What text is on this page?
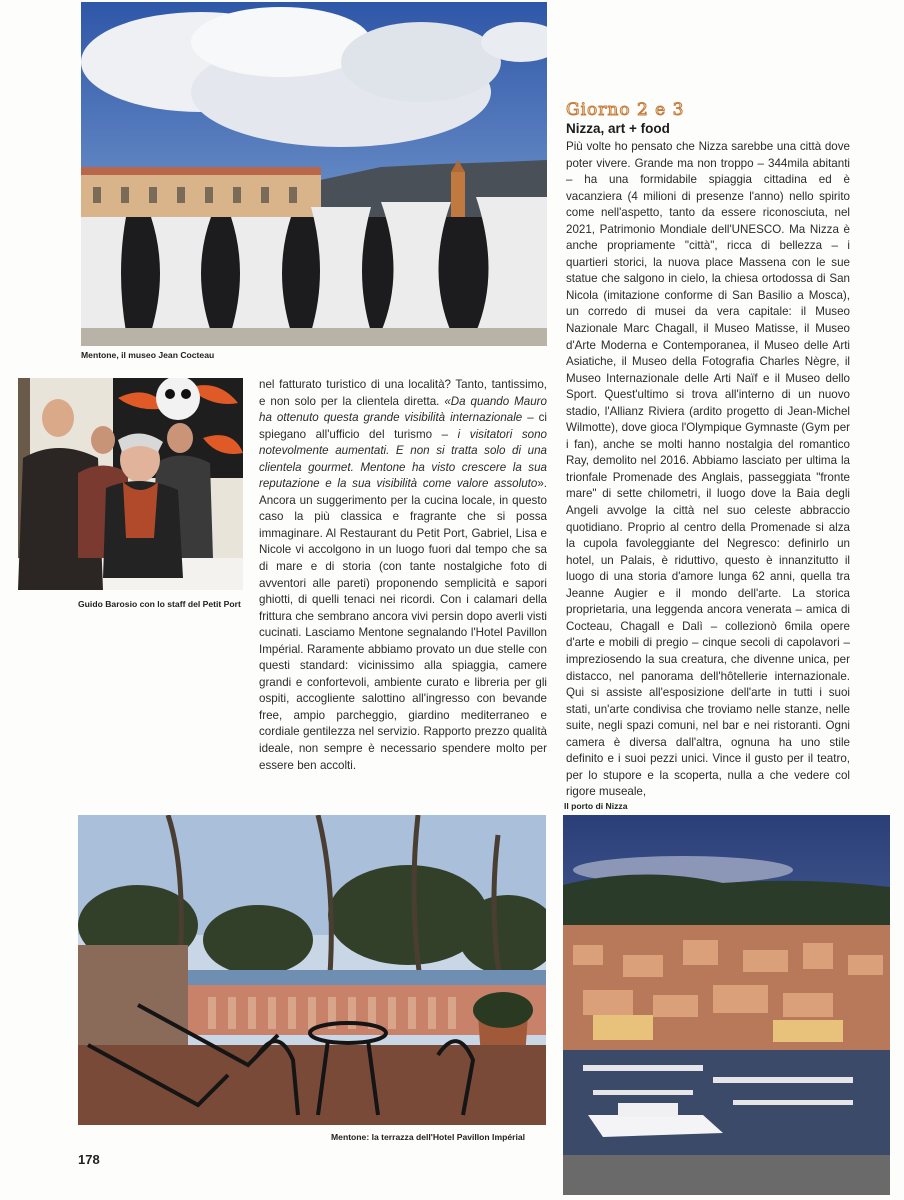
Mentone, il museo Jean Cocteau
Guido Barosio con lo staff del Petit Port
nel fatturato turistico di una località? Tanto, tantissimo, e non solo per la clientela diretta. «Da quando Mauro ha ottenuto questa grande visibilità internazionale – ci spiegano all'ufficio del turismo – i visitatori sono notevolmente aumentati. E non si tratta solo di una clientela gourmet. Mentone ha visto crescere la sua reputazione e la sua visibilità come valore assoluto». Ancora un suggerimento per la cucina locale, in questo caso la più classica e fragrante che si possa immaginare. Al Restaurant du Petit Port, Gabriel, Lisa e Nicole vi accolgono in un luogo fuori dal tempo che sa di mare e di storia (con tante nostalgiche foto di avventori alle pareti) proponendo semplicità e sapori ghiotti, di quelli tenaci nei ricordi. Con i calamari della frittura che sembrano ancora vivi persin dopo averli visti cucinati. Lasciamo Mentone segnalando l'Hotel Pavillon Impérial. Raramente abbiamo provato un due stelle con questi standard: vicinissimo alla spiaggia, camere grandi e confortevoli, ambiente curato e libreria per gli ospiti, accogliente salottino all'ingresso con bevande free, ampio parcheggio, giardino mediterraneo e cordiale gentilezza nel servizio. Rapporto prezzo qualità ideale, non sempre è necessario spendere molto per essere ben accolti.
Giorno 2 e 3
Nizza, art + food
Più volte ho pensato che Nizza sarebbe una città dove poter vivere. Grande ma non troppo – 344mila abitanti – ha una formidabile spiaggia cittadina ed è vacanziera (4 milioni di presenze l'anno) nello spirito come nell'aspetto, tanto da essere riconosciuta, nel 2021, Patrimonio Mondiale dell'UNESCO. Ma Nizza è anche propriamente "città", ricca di bellezza – i quartieri storici, la nuova place Massena con le sue statue che salgono in cielo, la chiesa ortodossa di San Nicola (imitazione conforme di San Basilio a Mosca), un corredo di musei da vera capitale: il Museo Nazionale Marc Chagall, il Museo Matisse, il Museo d'Arte Moderna e Contemporanea, il Museo delle Arti Asiatiche, il Museo della Fotografia Charles Nègre, il Museo Internazionale delle Arti Naïf e il Museo dello Sport. Quest'ultimo si trova all'interno di un nuovo stadio, l'Allianz Riviera (ardito progetto di Jean-Michel Wilmotte), dove gioca l'Olympique Gymnaste (Gym per i fan), anche se molti hanno nostalgia del romantico Ray, demolito nel 2016. Abbiamo lasciato per ultima la trionfale Promenade des Anglais, passeggiata "fronte mare" di sette chilometri, il luogo dove la Baia degli Angeli avvolge la città nel suo celeste abbraccio quotidiano. Proprio al centro della Promenade si alza la cupola favoleggiante del Negresco: definirlo un hotel, un Palais, è riduttivo, questo è innanzitutto il luogo di una storia d'amore lunga 62 anni, quella tra Jeanne Augier e il mondo dell'arte. La storica proprietaria, una leggenda ancora venerata – amica di Cocteau, Chagall e Dalì – collezionò 6mila opere d'arte e mobili di pregio – cinque secoli di capolavori – impreziosendo la sua creatura, che divenne unica, per distacco, nel panorama dell'hôtellerie internazionale. Qui si assiste all'esposizione dell'arte in tutti i suoi stati, un'arte condivisa che troviamo nelle stanze, nelle suite, negli spazi comuni, nel bar e nei ristoranti. Ogni camera è diversa dall'altra, ognuna ha uno stile definito e i suoi pezzi unici. Vince il gusto per il teatro, per lo stupore e la scoperta, nulla a che vedere col rigore museale,
Il porto di Nizza
Mentone: la terrazza dell'Hotel Pavillon Impérial
178
